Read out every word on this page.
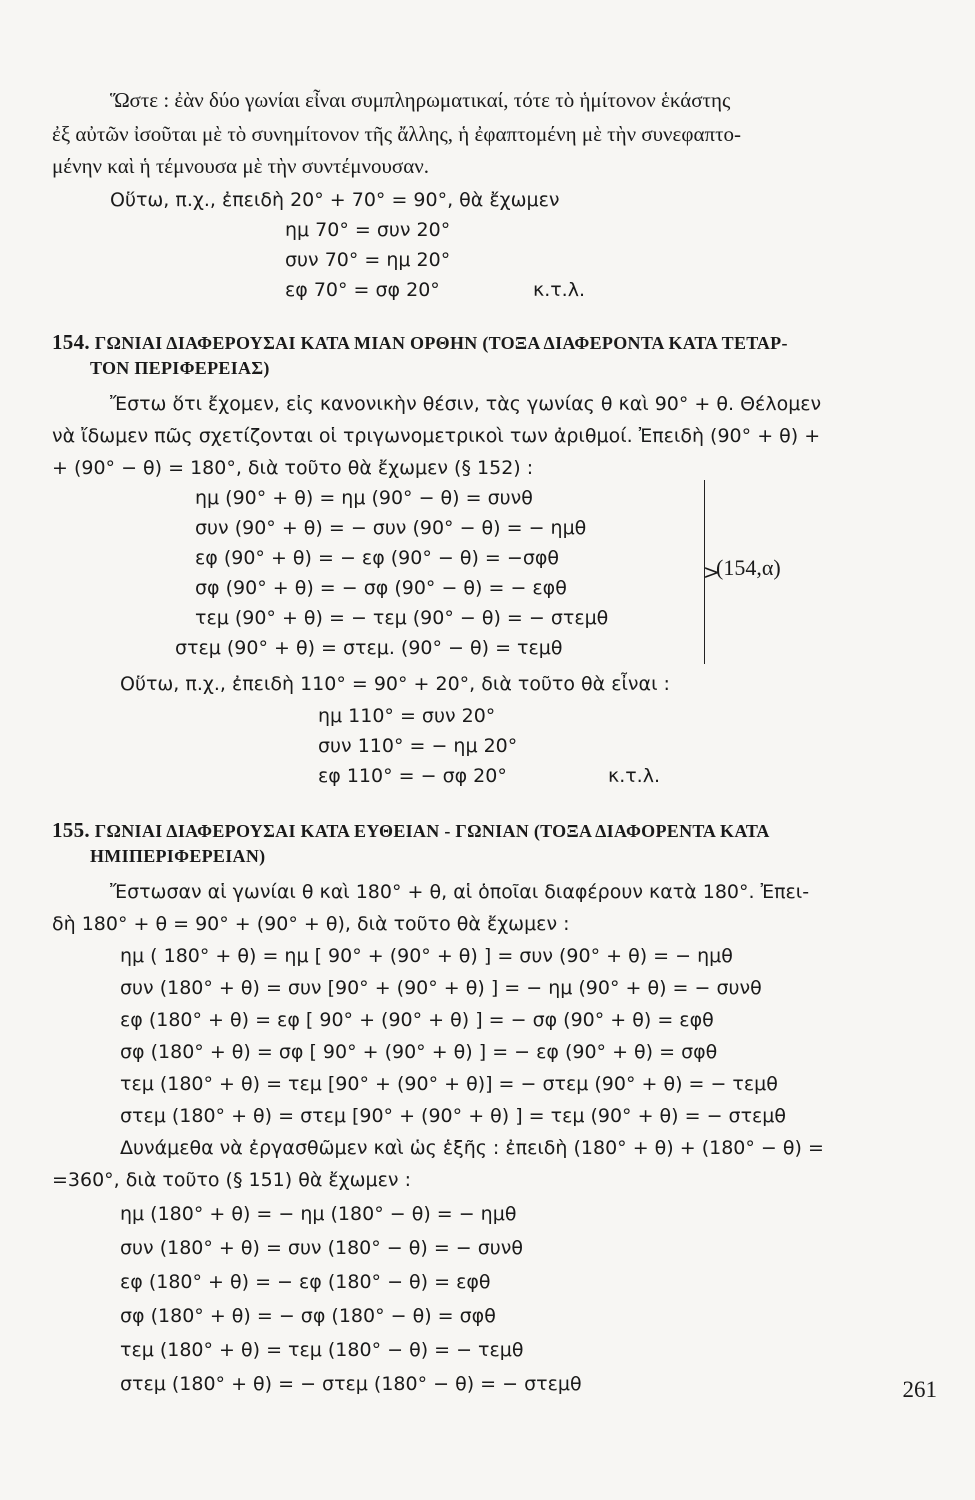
Ὥστε : ἐὰν δύο γωνίαι εἶναι συμπληρωματικαί, τότε τὸ ἡμίτονον ἑκάστης
ἐξ αὐτῶν ἰσοῦται μὲ τὸ συνημίτονον τῆς ἄλλης, ἡ ἐφαπτομένη μὲ τὴν συνεφαπτο-
μένην καὶ ἡ τέμνουσα μὲ τὴν συντέμνουσαν.
Οὕτω, π.χ., ἐπειδὴ 20° + 70° = 90°, θὰ ἔχωμεν
ημ 70° = συν 20°
συν 70° = ημ 20°
εφ 70° = σφ 20°	κ.τ.λ.
154. ΓΩΝΙΑΙ ΔΙΑΦΕΡΟΥΣΑΙ ΚΑΤΑ ΜΙΑΝ ΟΡΘΗΝ (ΤΟΞΑ ΔΙΑΦΕΡΟΝΤΑ ΚΑΤΑ ΤΕΤΑΡ-
ΤΟΝ ΠΕΡΙΦΕΡΕΙΑΣ)
Ἔστω ὅτι ἔχομεν, εἰς κανονικὴν θέσιν, τὰς γωνίας θ καὶ 90° + θ. Θέλομεν
νὰ ἴδωμεν πῶς σχετίζονται οἱ τριγωνομετρικοὶ των ἀριθμοί. Ἐπειδὴ (90° + θ) +
+ (90° − θ) = 180°, διὰ τοῦτο θὰ ἔχωμεν (§ 152) :
ημ (90° + θ) = ημ (90° − θ) = συνθ
συν (90° + θ) = − συν (90° − θ) = − ημθ
εφ (90° + θ) = − εφ (90° − θ) = −σφθ
σφ (90° + θ) = − σφ (90° − θ) = − εφθ
τεμ (90° + θ) = − τεμ (90° − θ) = − στεμθ
στεμ (90° + θ) = στεμ. (90° − θ) = τεμθ
>
(154,α)
Οὕτω, π.χ., ἐπειδὴ 110° = 90° + 20°, διὰ τοῦτο θὰ εἶναι :
ημ 110° = συν 20°
συν 110° = − ημ 20°
εφ 110° = − σφ 20°	κ.τ.λ.
155. ΓΩΝΙΑΙ ΔΙΑΦΕΡΟΥΣΑΙ ΚΑΤΑ ΕΥΘΕΙΑΝ - ΓΩΝΙΑΝ (ΤΟΞΑ ΔΙΑΦΟΡΕΝΤΑ ΚΑΤΑ
ΗΜΙΠΕΡΙΦΕΡΕΙΑΝ)
Ἔστωσαν αἱ γωνίαι θ καὶ 180° + θ, αἱ ὁποῖαι διαφέρουν κατὰ 180°. Ἐπει-
δὴ 180° + θ = 90° + (90° + θ), διὰ τοῦτο θὰ ἔχωμεν :
ημ ( 180° + θ) = ημ [ 90° + (90° + θ) ] = συν (90° + θ) = − ημθ
συν (180° + θ) = συν [90° + (90° + θ) ] = − ημ (90° + θ) = − συνθ
εφ (180° + θ) = εφ [ 90° + (90° + θ) ] = − σφ (90° + θ) = εφθ
σφ (180° + θ) = σφ [ 90° + (90° + θ) ] = − εφ (90° + θ) = σφθ
τεμ (180° + θ) = τεμ [90° + (90° + θ)] = − στεμ (90° + θ) = − τεμθ
στεμ (180° + θ) = στεμ [90° + (90° + θ) ] = τεμ (90° + θ) = − στεμθ
Δυνάμεθα νὰ ἐργασθῶμεν καὶ ὡς ἑξῆς : ἐπειδὴ (180° + θ) + (180° − θ) =
=360°, διὰ τοῦτο (§ 151) θὰ ἔχωμεν :
ημ (180° + θ) = − ημ (180° − θ) = − ημθ
συν (180° + θ) = συν (180° − θ) = − συνθ
εφ (180° + θ) = − εφ (180° − θ) = εφθ
σφ (180° + θ) = − σφ (180° − θ) = σφθ
τεμ (180° + θ) = τεμ (180° − θ) = − τεμθ
στεμ (180° + θ) = − στεμ (180° − θ) = − στεμθ	261
